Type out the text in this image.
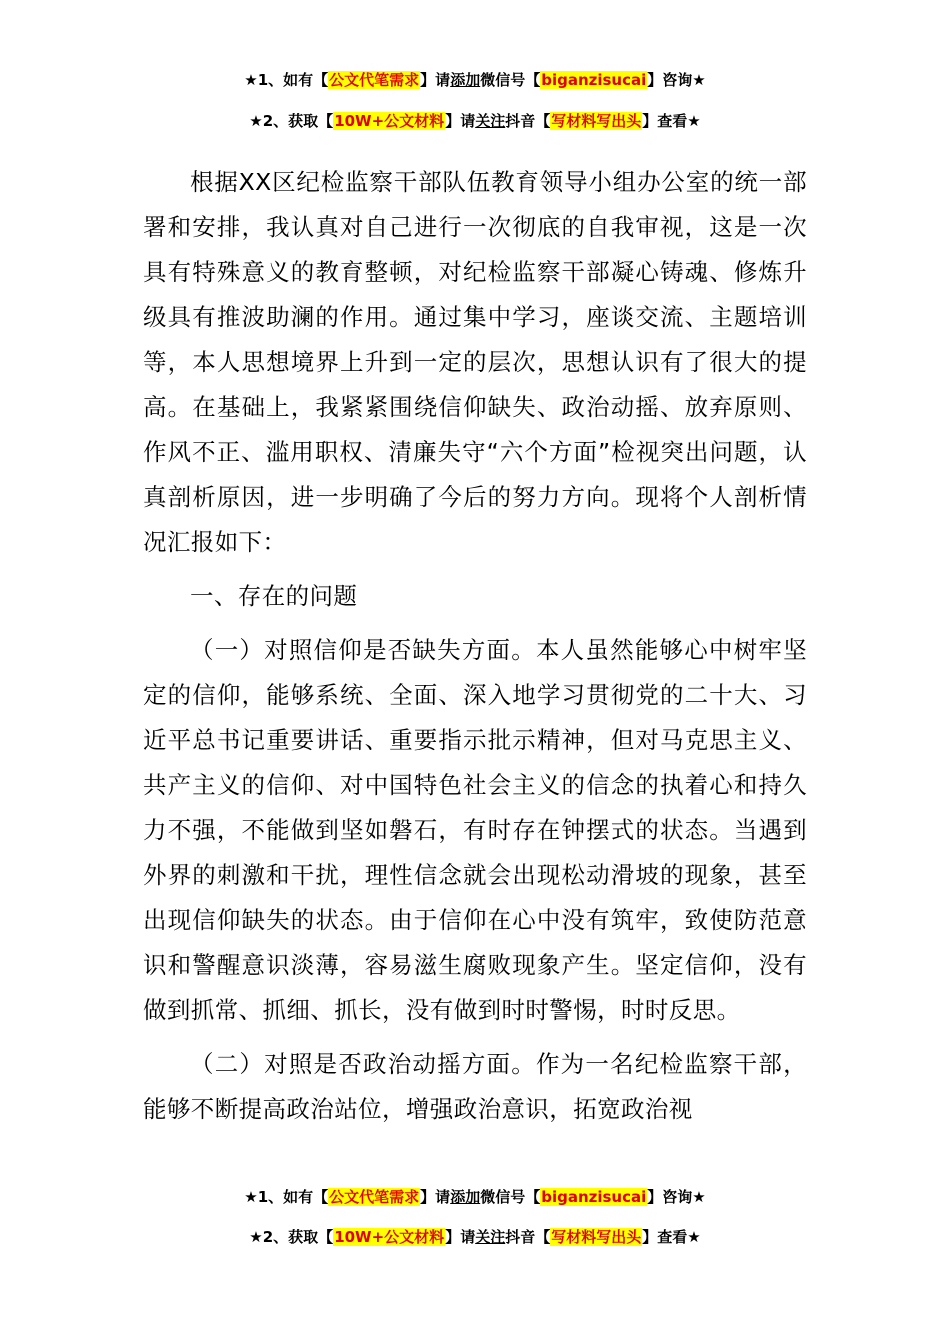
★1、如有【公文代笔需求】请添加微信号【biganzisucai】咨询★
★2、获取【10W+公文材料】请关注抖音【写材料写出头】查看★

根据XX区纪检监察干部队伍教育领导小组办公室的统一部署和安排，我认真对自己进行一次彻底的自我审视，这是一次具有特殊意义的教育整顿，对纪检监察干部凝心铸魂、修炼升级具有推波助澜的作用。通过集中学习，座谈交流、主题培训等，本人思想境界上升到一定的层次，思想认识有了很大的提高。在基础上，我紧紧围绕信仰缺失、政治动摇、放弃原则、作风不正、滥用职权、清廉失守“六个方面”检视突出问题，认真剖析原因，进一步明确了今后的努力方向。现将个人剖析情况汇报如下：

一、存在的问题

（一）对照信仰是否缺失方面。本人虽然能够心中树牢坚定的信仰，能够系统、全面、深入地学习贯彻党的二十大、习近平总书记重要讲话、重要指示批示精神，但对马克思主义、共产主义的信仰、对中国特色社会主义的信念的执着心和持久力不强，不能做到坚如磐石，有时存在钟摆式的状态。当遇到外界的刺激和干扰，理性信念就会出现松动滑坡的现象，甚至出现信仰缺失的状态。由于信仰在心中没有筑牢，致使防范意识和警醒意识淡薄，容易滋生腐败现象产生。坚定信仰，没有做到抓常、抓细、抓长，没有做到时时警惕，时时反思。

（二）对照是否政治动摇方面。作为一名纪检监察干部，能够不断提高政治站位，增强政治意识，拓宽政治视

★1、如有【公文代笔需求】请添加微信号【biganzisucai】咨询★
★2、获取【10W+公文材料】请关注抖音【写材料写出头】查看★
